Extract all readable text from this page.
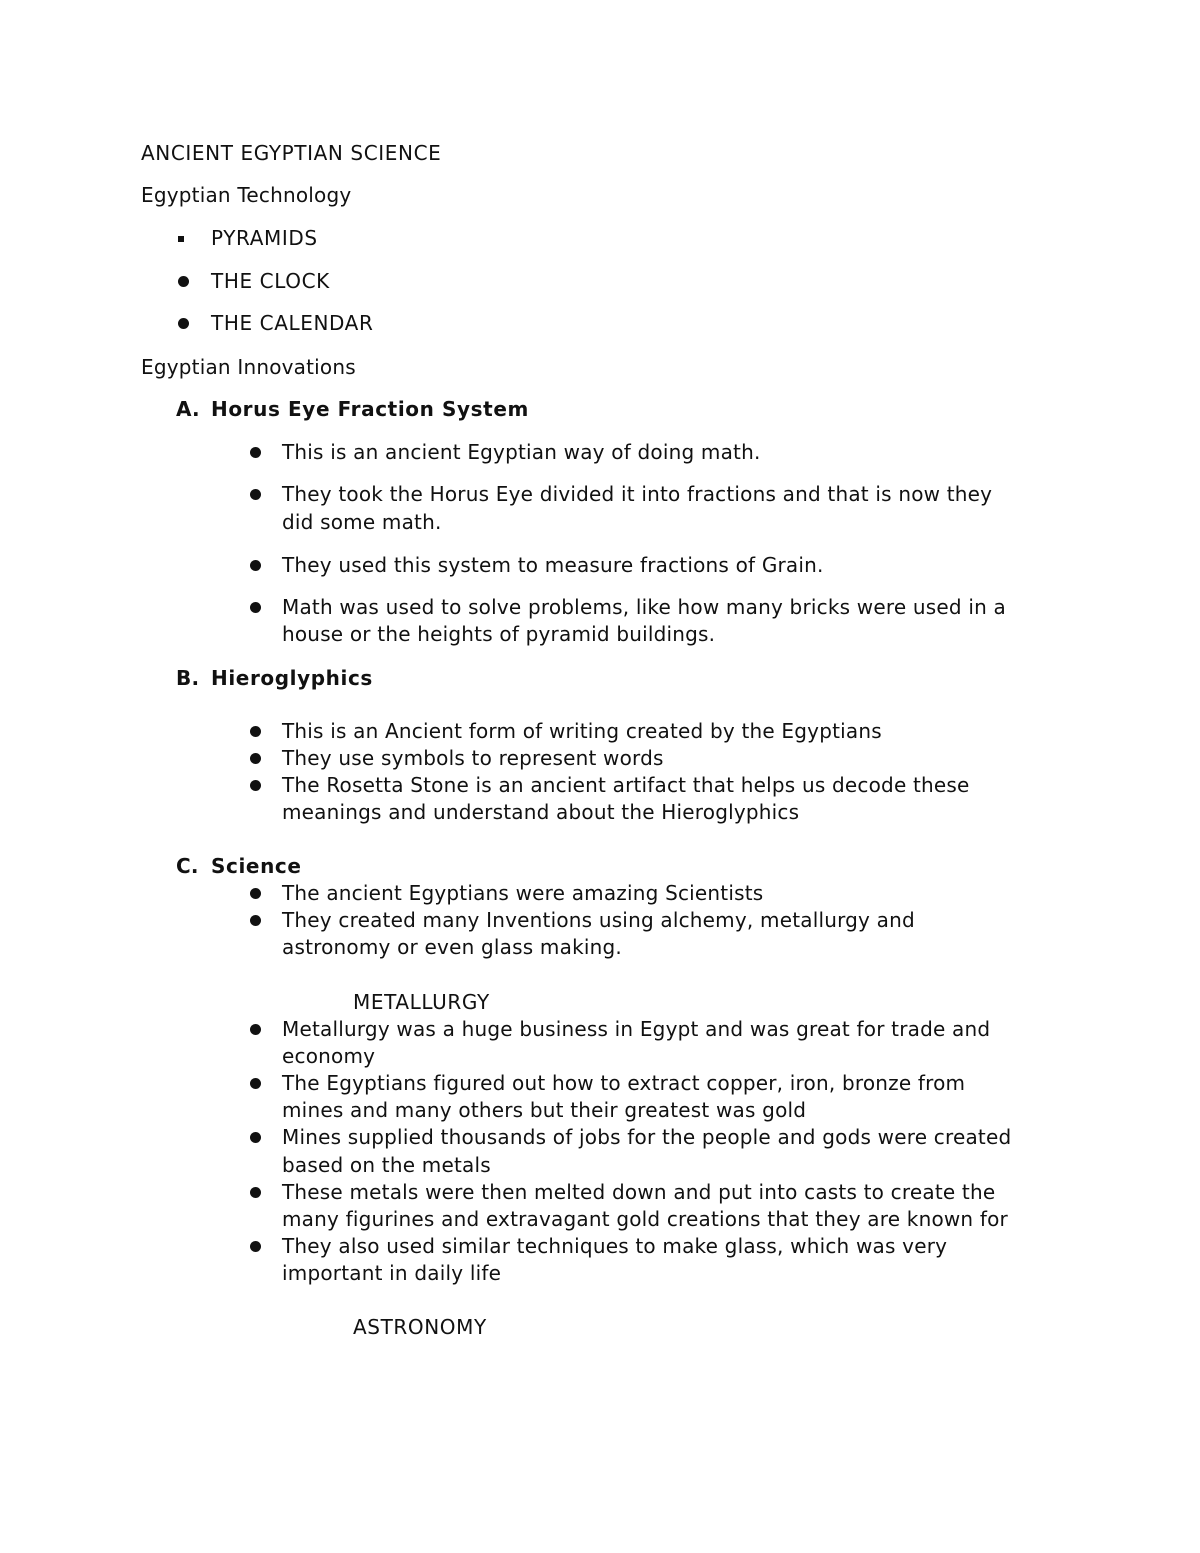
ANCIENT EGYPTIAN SCIENCE
Egyptian Technology
PYRAMIDS
THE CLOCK
THE CALENDAR
Egyptian Innovations
A. Horus Eye Fraction System
This is an ancient Egyptian way of doing math.
They took the Horus Eye divided it into fractions and that is now they
did some math.
They used this system to measure fractions of Grain.
Math was used to solve problems, like how many bricks were used in a
house or the heights of pyramid buildings.
B. Hieroglyphics
This is an Ancient form of writing created by the Egyptians
They use symbols to represent words
The Rosetta Stone is an ancient artifact that helps us decode these
meanings and understand about the Hieroglyphics
C. Science
The ancient Egyptians were amazing Scientists
They created many Inventions using alchemy, metallurgy and
astronomy or even glass making.
METALLURGY
Metallurgy was a huge business in Egypt and was great for trade and
economy
The Egyptians figured out how to extract copper, iron, bronze from
mines and many others but their greatest was gold
Mines supplied thousands of jobs for the people and gods were created
based on the metals
These metals were then melted down and put into casts to create the
many figurines and extravagant gold creations that they are known for
They also used similar techniques to make glass, which was very
important in daily life
ASTRONOMY
